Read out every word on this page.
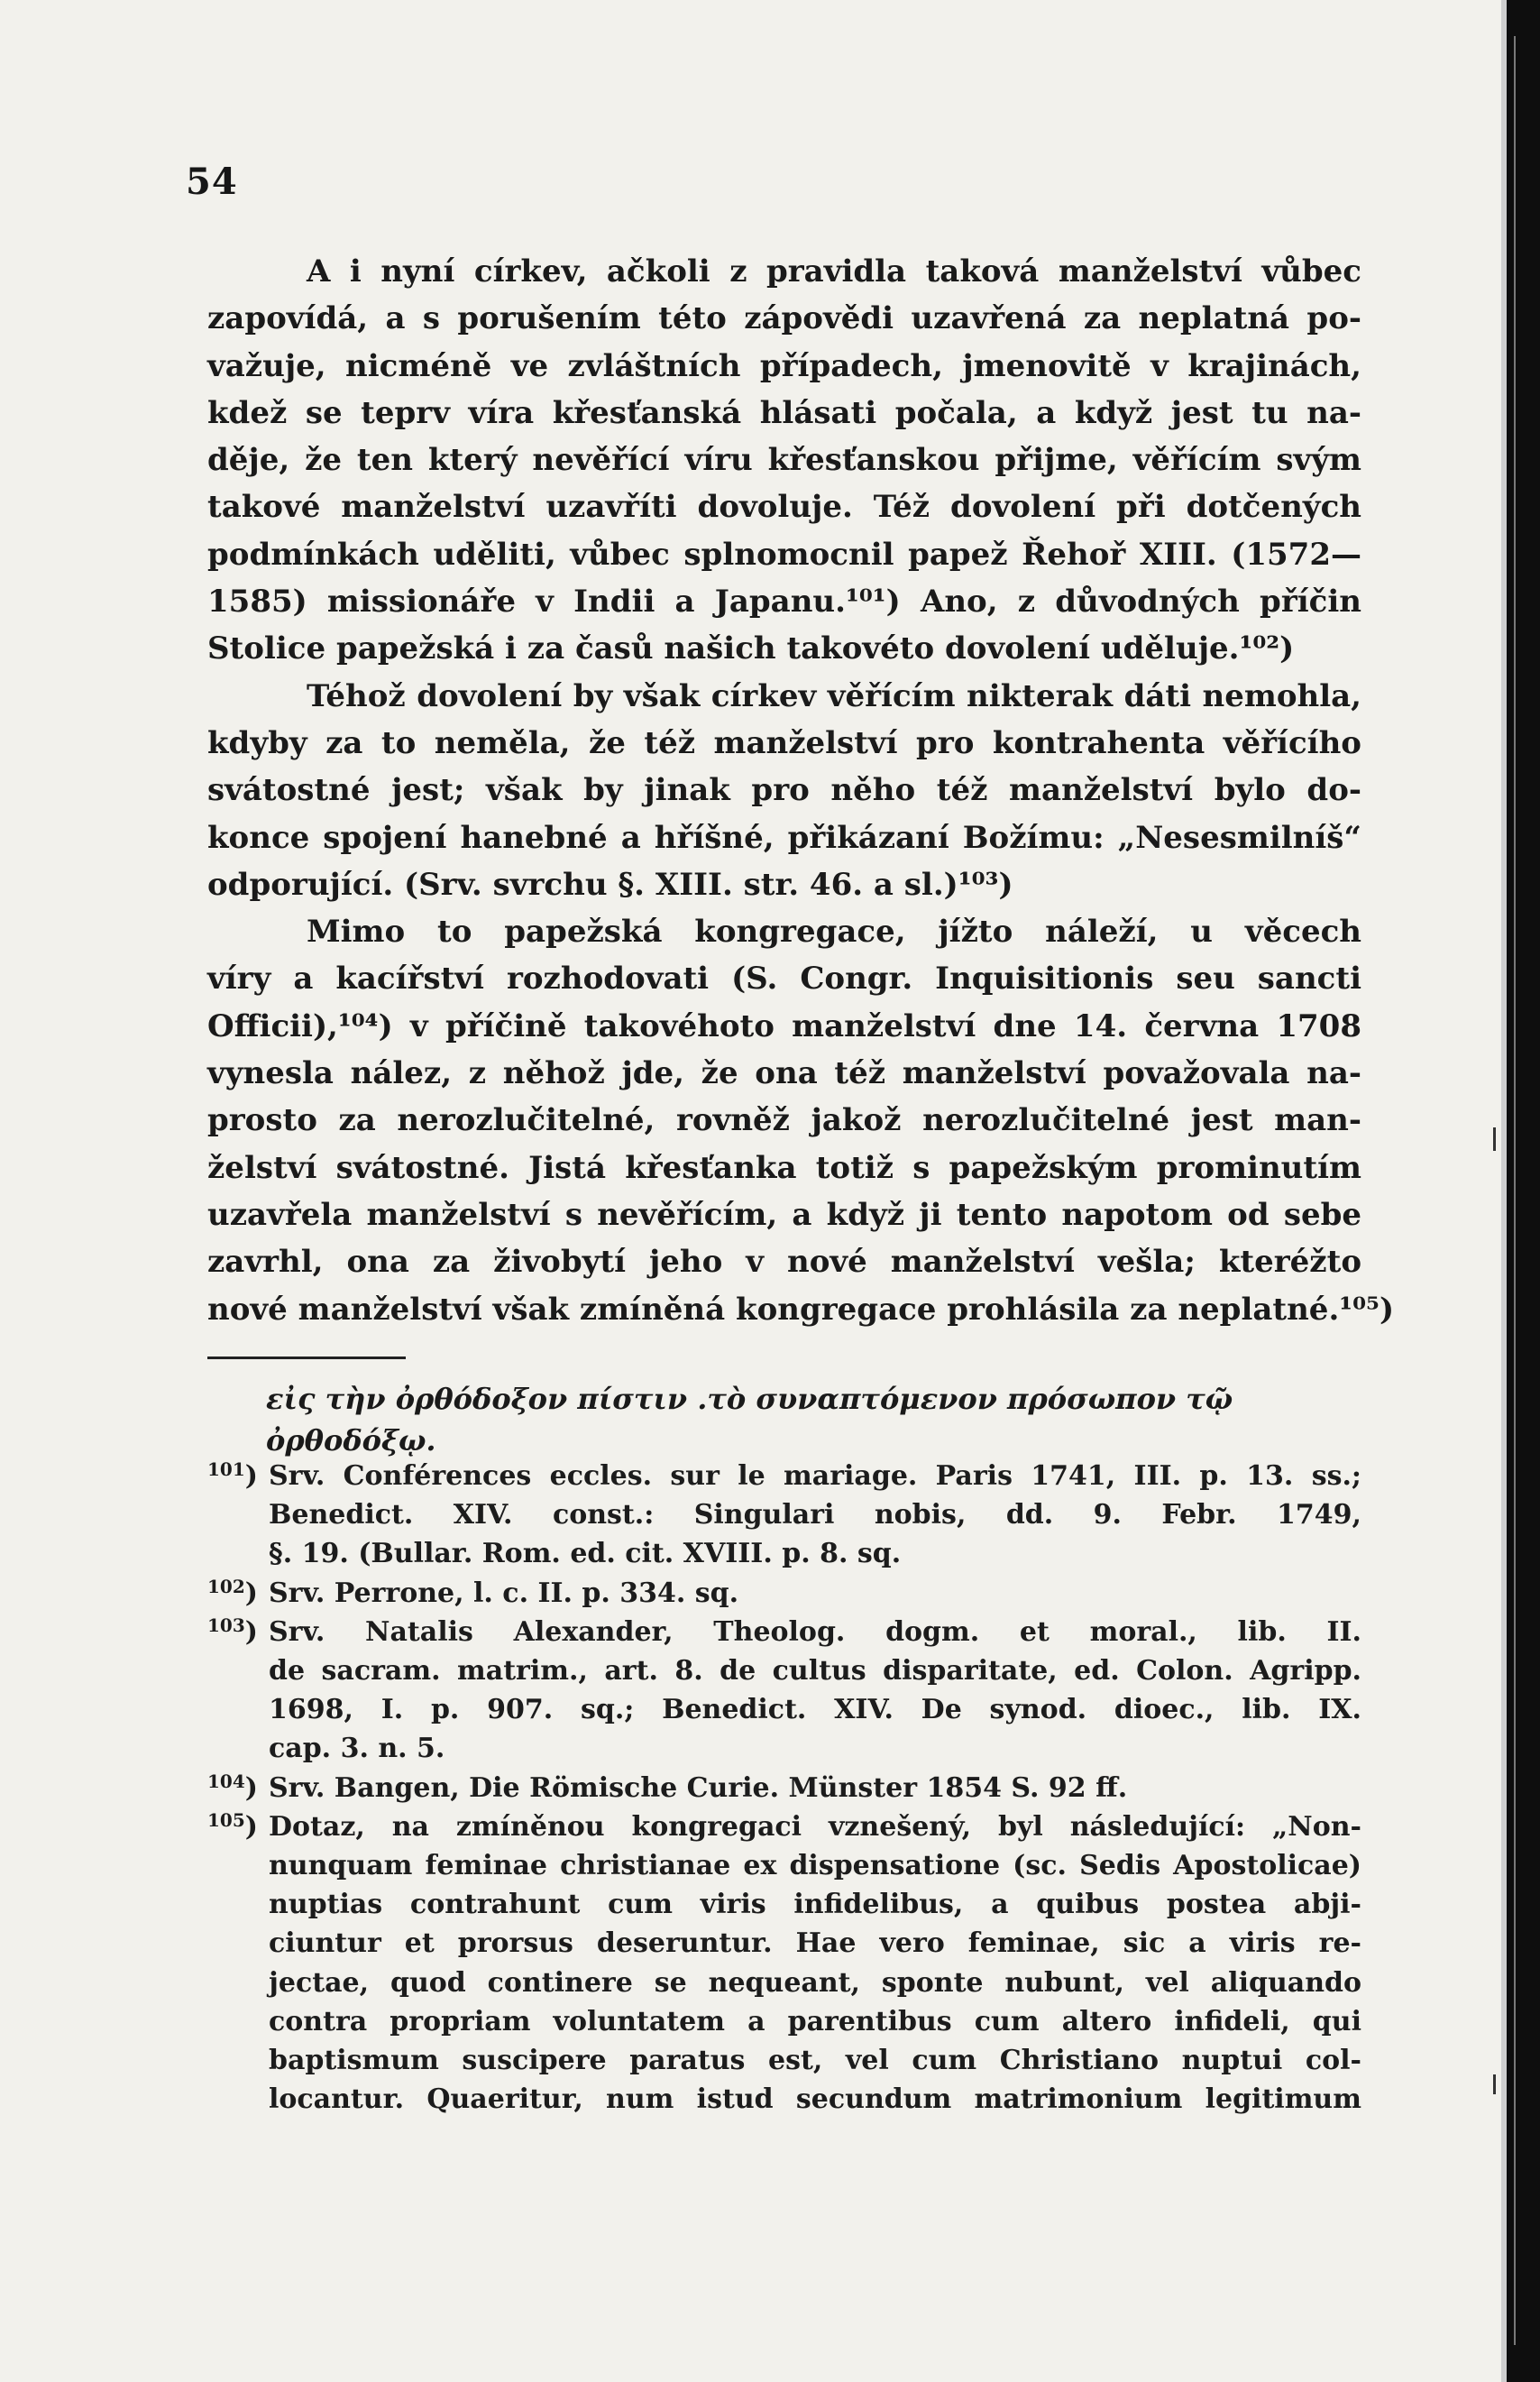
54
A i nyní církev, ačkoli z pravidla taková manželství vůbec
zapovídá, a s porušením této zápovědi uzavřená za neplatná po-
važuje, nicméně ve zvláštních případech, jmenovitě v krajinách,
kdež se teprv víra křesťanská hlásati počala, a když jest tu na-
děje, že ten který nevěřící víru křesťanskou přijme, věřícím svým
takové manželství uzavříti dovoluje. Též dovolení při dotčených
podmínkách uděliti, vůbec splnomocnil papež Řehoř XIII. (1572—
1585) missionáře v Indii a Japanu.¹⁰¹) Ano, z důvodných příčin
Stolice papežská i za časů našich takovéto dovolení uděluje.¹⁰²)
Téhož dovolení by však církev věřícím nikterak dáti nemohla,
kdyby za to neměla, že též manželství pro kontrahenta věřícího
svátostné jest; však by jinak pro něho též manželství bylo do-
konce spojení hanebné a hříšné, přikázaní Božímu: „Nesesmilníš“
odporující. (Srv. svrchu §. XIII. str. 46. a sl.)¹⁰³)
Mimo to papežská kongregace, jížto náleží, u věcech
víry a kacířství rozhodovati (S. Congr. Inquisitionis seu sancti
Officii),¹⁰⁴) v příčině takovéhoto manželství dne 14. června 1708
vynesla nález, z něhož jde, že ona též manželství považovala na-
prosto za nerozlučitelné, rovněž jakož nerozlučitelné jest man-
želství svátostné. Jistá křesťanka totiž s papežským prominutím
uzavřela manželství s nevěřícím, a když ji tento napotom od sebe
zavrhl, ona za živobytí jeho v nové manželství vešla; kteréžto
nové manželství však zmíněná kongregace prohlásila za neplatné.¹⁰⁵)
εἰς τὴν ὀρθόδοξον πίστιν .τὸ συναπτόμενον πρόσωπον τῷ
ὀρθοδόξῳ.
$^{101}$) Srv. Conférences eccles. sur le mariage. Paris 1741, III. p. 13. ss.;
Benedict. XIV. const.: Singulari nobis, dd. 9. Febr. 1749,
§. 19. (Bullar. Rom. ed. cit. XVIII. p. 8. sq.
$^{102}$) Srv. Perrone, l. c. II. p. 334. sq.
$^{103}$) Srv. Natalis Alexander, Theolog. dogm. et moral., lib. II.
de sacram. matrim., art. 8. de cultus disparitate, ed. Colon. Agripp.
1698, I. p. 907. sq.; Benedict. XIV. De synod. dioec., lib. IX.
cap. 3. n. 5.
$^{104}$) Srv. Bangen, Die Römische Curie. Münster 1854 S. 92 ff.
$^{105}$) Dotaz, na zmíněnou kongregaci vznešený, byl následující: „Non-
nunquam feminae christianae ex dispensatione (sc. Sedis Apostolicae)
nuptias contrahunt cum viris infidelibus, a quibus postea abji-
ciuntur et prorsus deseruntur. Hae vero feminae, sic a viris re-
jectae, quod continere se nequeant, sponte nubunt, vel aliquando
contra propriam voluntatem a parentibus cum altero infideli, qui
baptismum suscipere paratus est, vel cum Christiano nuptui col-
locantur. Quaeritur, num istud secundum matrimonium legitimum
